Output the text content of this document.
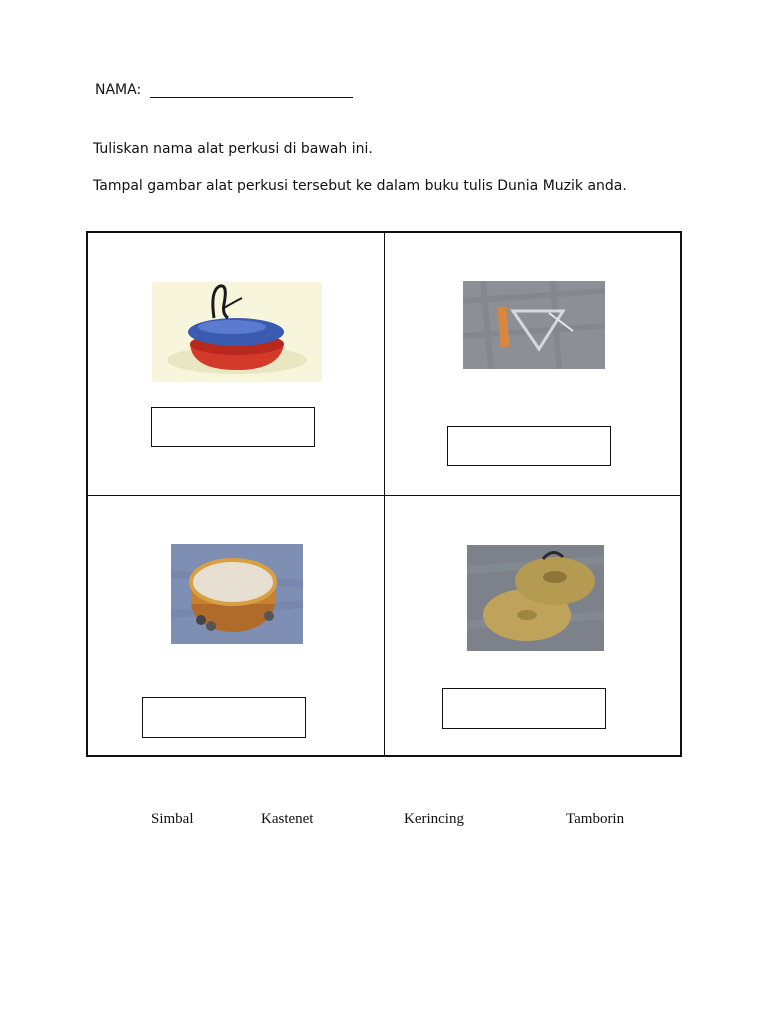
NAMA:
Tuliskan nama alat perkusi di bawah ini.
Tampal gambar alat perkusi tersebut ke dalam buku tulis Dunia Muzik anda.
Simbal	Kastenet	Kerincing	Tamborin
